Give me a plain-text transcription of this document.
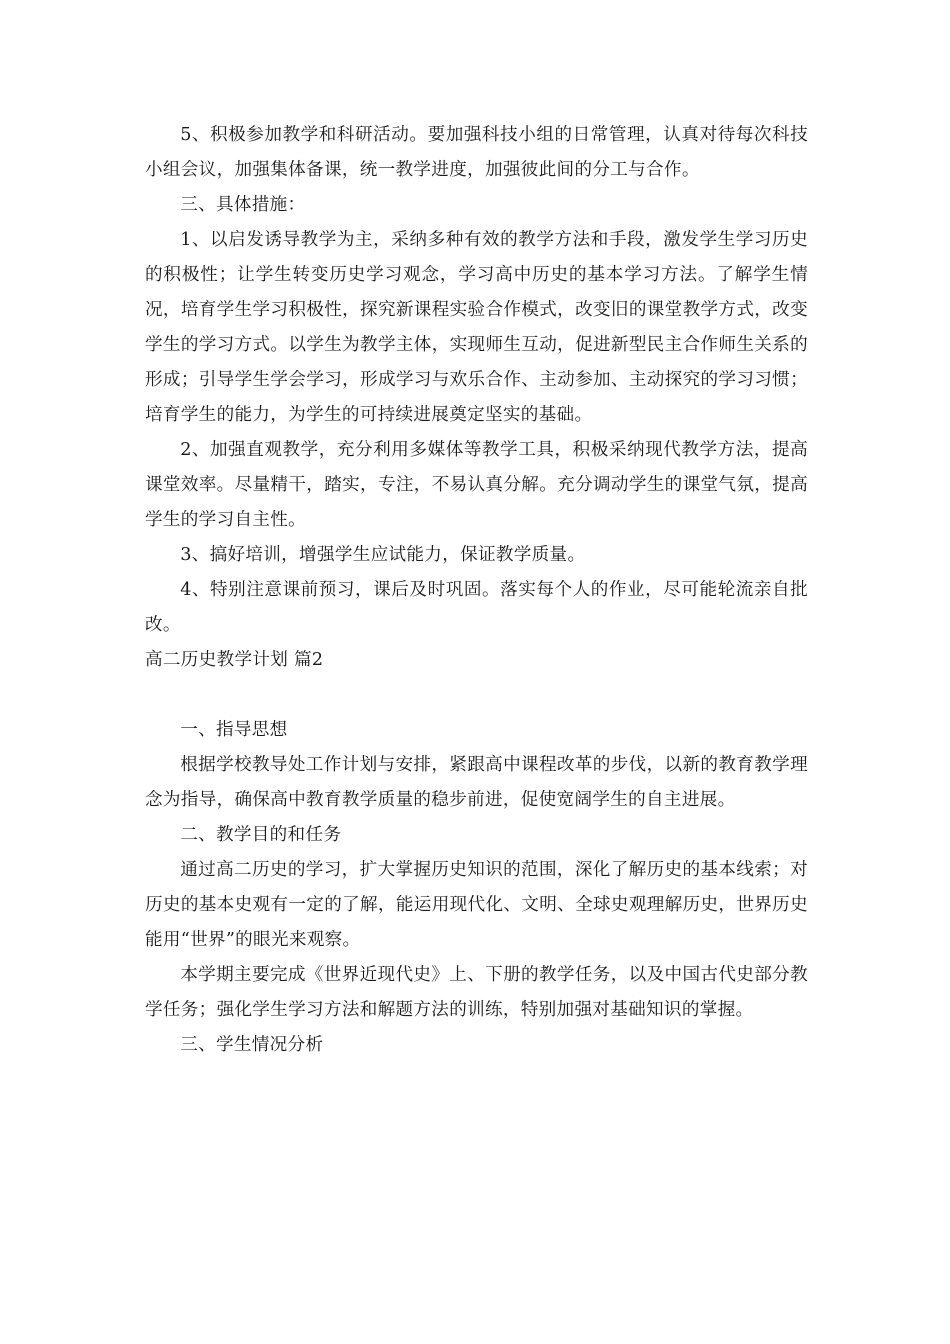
5、积极参加教学和科研活动。要加强科技小组的日常管理，认真对待每次科技小组会议，加强集体备课，统一教学进度，加强彼此间的分工与合作。

三、具体措施：

1、以启发诱导教学为主，采纳多种有效的教学方法和手段，激发学生学习历史的积极性；让学生转变历史学习观念，学习高中历史的基本学习方法。了解学生情况，培育学生学习积极性，探究新课程实验合作模式，改变旧的课堂教学方式，改变学生的学习方式。以学生为教学主体，实现师生互动，促进新型民主合作师生关系的形成；引导学生学会学习，形成学习与欢乐合作、主动参加、主动探究的学习习惯；培育学生的能力，为学生的可持续进展奠定坚实的基础。

2、加强直观教学，充分利用多媒体等教学工具，积极采纳现代教学方法，提高课堂效率。尽量精干，踏实，专注，不易认真分解。充分调动学生的课堂气氛，提高学生的学习自主性。

3、搞好培训，增强学生应试能力，保证教学质量。

4、特别注意课前预习，课后及时巩固。落实每个人的作业，尽可能轮流亲自批改。

高二历史教学计划 篇2

一、指导思想

根据学校教导处工作计划与安排，紧跟高中课程改革的步伐，以新的教育教学理念为指导，确保高中教育教学质量的稳步前进，促使宽阔学生的自主进展。

二、教学目的和任务

通过高二历史的学习，扩大掌握历史知识的范围，深化了解历史的基本线索；对历史的基本史观有一定的了解，能运用现代化、文明、全球史观理解历史，世界历史能用“世界”的眼光来观察。

本学期主要完成《世界近现代史》上、下册的教学任务，以及中国古代史部分教学任务；强化学生学习方法和解题方法的训练，特别加强对基础知识的掌握。

三、学生情况分析
